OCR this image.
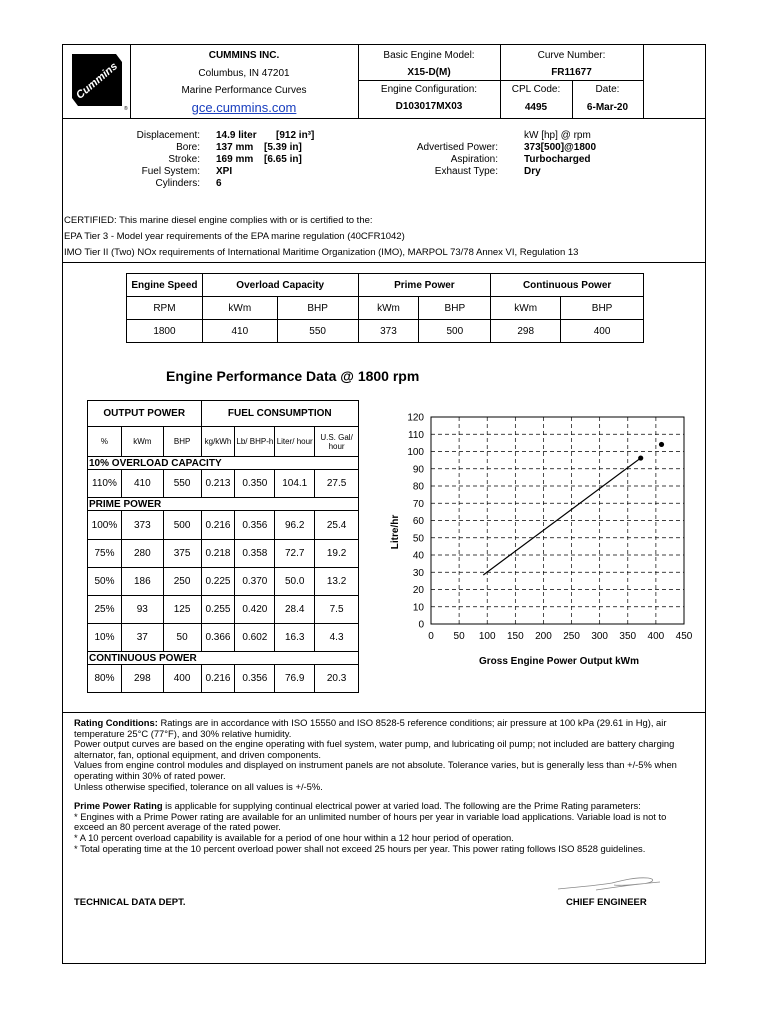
Cummins
®
CUMMINS INC.
Columbus, IN 47201
Marine Performance Curves
gce.cummins.com
Basic Engine Model:
X15-D(M)
Engine Configuration:
D103017MX03
Curve Number:
FR11677
CPL Code:
4495
Date:
6-Mar-20
Displacement: 14.9 liter	[912 in³]
Bore: 137 mm	[5.39 in]
Stroke: 169 mm	[6.65 in]
Fuel System: XPI
Cylinders: 6
kW [hp] @ rpm
Advertised Power:	373[500]@1800
Aspiration:	Turbocharged
Exhaust Type:	Dry
CERTIFIED: This marine diesel engine complies with or is certified to the:
EPA Tier 3 - Model year requirements of the EPA marine regulation (40CFR1042)
IMO Tier II (Two) NOx requirements of International Maritime Organization (IMO), MARPOL 73/78 Annex VI, Regulation 13
Engine Speed	Overload Capacity		Prime Power		Continuous Power	
RPM	kWm	BHP	kWm	BHP	kWm	BHP
1800	410	550	373	500	298	400
Engine Performance Data @ 1800 rpm
OUTPUT POWER			FUEL CONSUMPTION			
%	kWm	BHP	kg/kWh	Lb/ BHP-h	Liter/ hour	U.S. Gal/ hour
10% OVERLOAD CAPACITY						
110%	410	550	0.213	0.350	104.1	27.5
PRIME POWER						
100%	373	500	0.216	0.356	96.2	25.4
75%	280	375	0.218	0.358	72.7	19.2
50%	186	250	0.225	0.370	50.0	13.2
25%	93	125	0.255	0.420	28.4	7.5
10%	37	50	0.366	0.602	16.3	4.3
CONTINUOUS POWER						
80%	298	400	0.216	0.356	76.9	20.3
0
10
20
30
40
50
60
70
80
90
100
110
120
0 50 100 150 200 250 300 350 400 450
Litre/hr
Gross Engine Power Output kWm

Rating Conditions: Ratings are in accordance with ISO 15550 and ISO 8528-5 reference conditions; air pressure at 100 kPa (29.61 in Hg), air temperature 25°C (77°F), and 30% relative humidity.

Power output curves are based on the engine operating with fuel system, water pump, and lubricating oil pump; not included are battery charging alternator, fan, optional equipment, and driven components.

Values from engine control modules and displayed on instrument panels are not absolute. Tolerance varies, but is generally less than +/-5% when operating within 30% of rated power.

Unless otherwise specified, tolerance on all values is +/-5%.

Prime Power Rating is applicable for supplying continual electrical power at varied load. The following are the Prime Rating parameters:

* Engines with a Prime Power rating are available for an unlimited number of hours per year in variable load applications. Variable load is not to exceed an 80 percent average of the rated power.

* A 10 percent overload capability is available for a period of one hour within a 12 hour period of operation.

* Total operating time at the 10 percent overload power shall not exceed 25 hours per year. This power rating follows ISO 8528 guidelines.

TECHNICAL DATA DEPT.	CHIEF ENGINEER
